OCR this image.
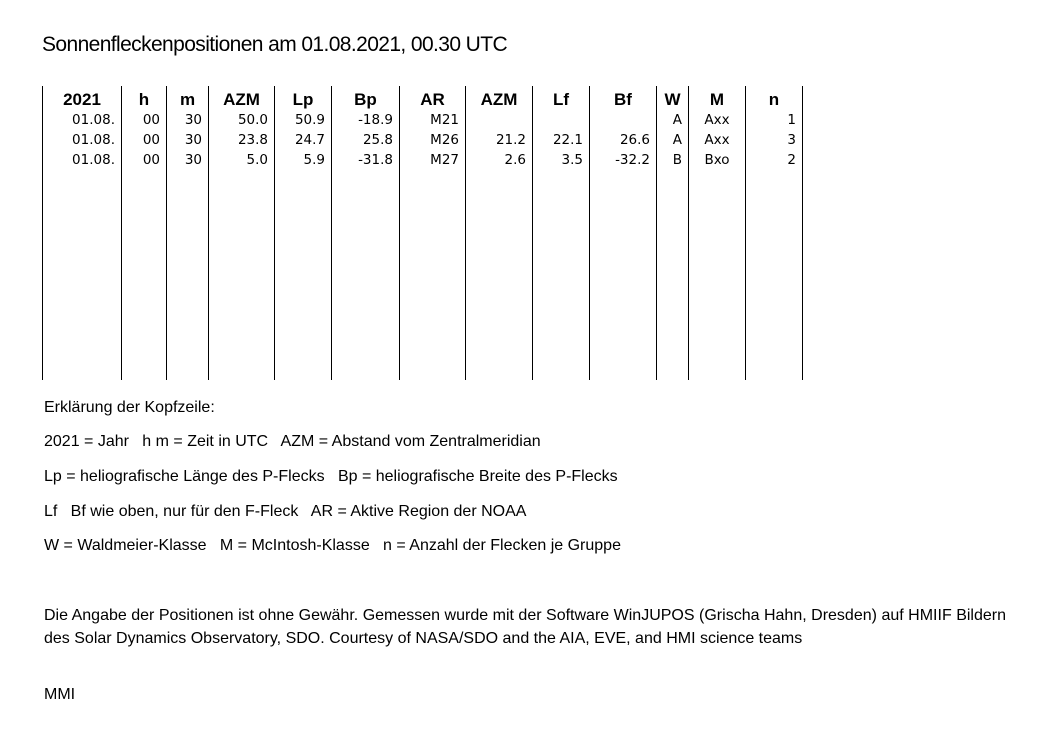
Sonnenfleckenpositionen am 01.08.2021, 00.30 UTC
2021	h	m	AZM	Lp	Bp	AR	AZM	Lf	Bf	W	M	n
01.08.	00	30	50.0	50.9	-18.9	M21				A	Axx	1
01.08.	00	30	23.8	24.7	25.8	M26	21.2	22.1	26.6	A	Axx	3
01.08.	00	30	5.0	5.9	-31.8	M27	2.6	3.5	-32.2	B	Bxo	2

Erklärung der Kopfzeile:
2021 = Jahr   h m = Zeit in UTC   AZM = Abstand vom Zentralmeridian
Lp = heliografische Länge des P-Flecks   Bp = heliografische Breite des P-Flecks
Lf   Bf wie oben, nur für den F-Fleck   AR = Aktive Region der NOAA
W = Waldmeier-Klasse   M = McIntosh-Klasse   n = Anzahl der Flecken je Gruppe
Die Angabe der Positionen ist ohne Gewähr. Gemessen wurde mit der Software WinJUPOS (Grischa Hahn, Dresden) auf HMIIF Bildern des Solar Dynamics Observatory, SDO. Courtesy of NASA/SDO and the AIA, EVE, and HMI science teams
MMI
